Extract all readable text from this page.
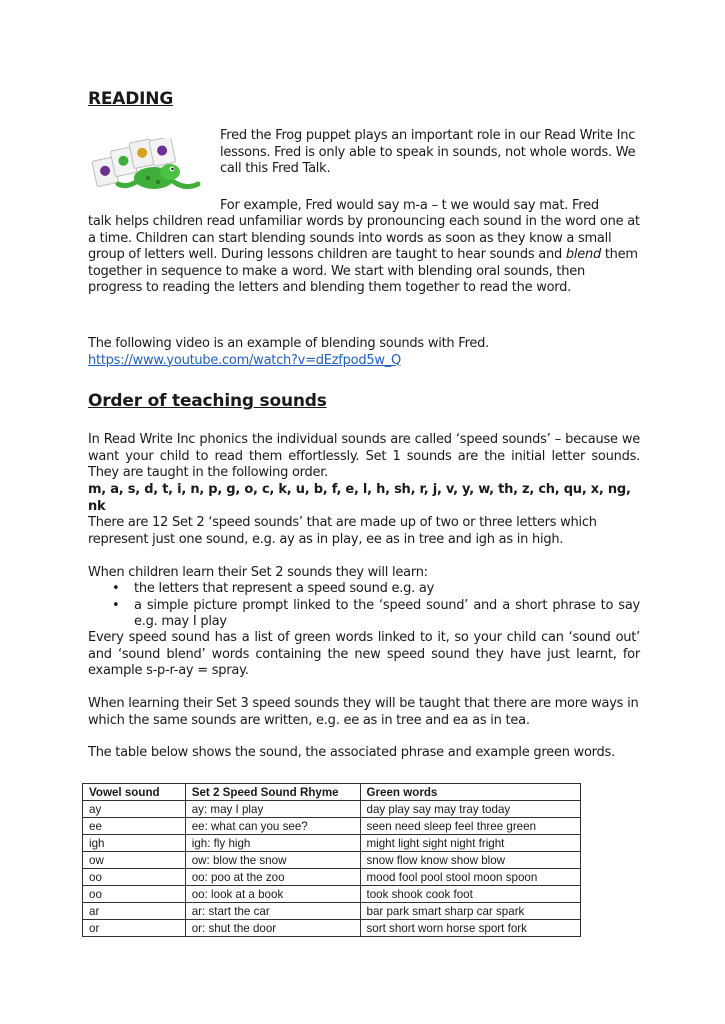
READING

Fred the Frog puppet plays an important role in our Read Write Inc lessons. Fred is only able to speak in sounds, not whole words. We call this Fred Talk.

For example, Fred would say m-a – t we would say mat. Fred

talk helps children read unfamiliar words by pronouncing each sound in the word one at a time. Children can start blending sounds into words as soon as they know a small group of letters well. During lessons children are taught to hear sounds and blend them together in sequence to make a word. We start with blending oral sounds, then progress to reading the letters and blending them together to read the word.

The following video is an example of blending sounds with Fred.
https://www.youtube.com/watch?v=dEzfpod5w_Q

Order of teaching sounds

In Read Write Inc phonics the individual sounds are called ‘speed sounds’ – because we want your child to read them effortlessly. Set 1 sounds are the initial letter sounds. They are taught in the following order.

m, a, s, d, t, i, n, p, g, o, c, k, u, b, f, e, l, h, sh, r, j, v, y, w, th, z, ch, qu, x, ng, nk

There are 12 Set 2 ‘speed sounds’ that are made up of two or three letters which represent just one sound, e.g. ay as in play, ee as in tree and igh as in high.

When children learn their Set 2 sounds they will learn:

• the letters that represent a speed sound e.g. ay
• a simple picture prompt linked to the ‘speed sound’ and a short phrase to say e.g. may I play

Every speed sound has a list of green words linked to it, so your child can ‘sound out’ and ‘sound blend’ words containing the new speed sound they have just learnt, for example s-p-r-ay = spray.

When learning their Set 3 speed sounds they will be taught that there are more ways in which the same sounds are written, e.g. ee as in tree and ea as in tea.

The table below shows the sound, the associated phrase and example green words.

Vowel sound	Set 2 Speed Sound Rhyme	Green words
ay	ay: may I play	day play say may tray today
ee	ee: what can you see?	seen need sleep feel three green
igh	igh: fly high	might light sight night fright
ow	ow: blow the snow	snow flow know show blow
oo	oo: poo at the zoo	mood fool pool stool moon spoon
oo	oo: look at a book	took shook cook foot
ar	ar: start the car	bar park smart sharp car spark
or	or: shut the door	sort short worn horse sport fork
